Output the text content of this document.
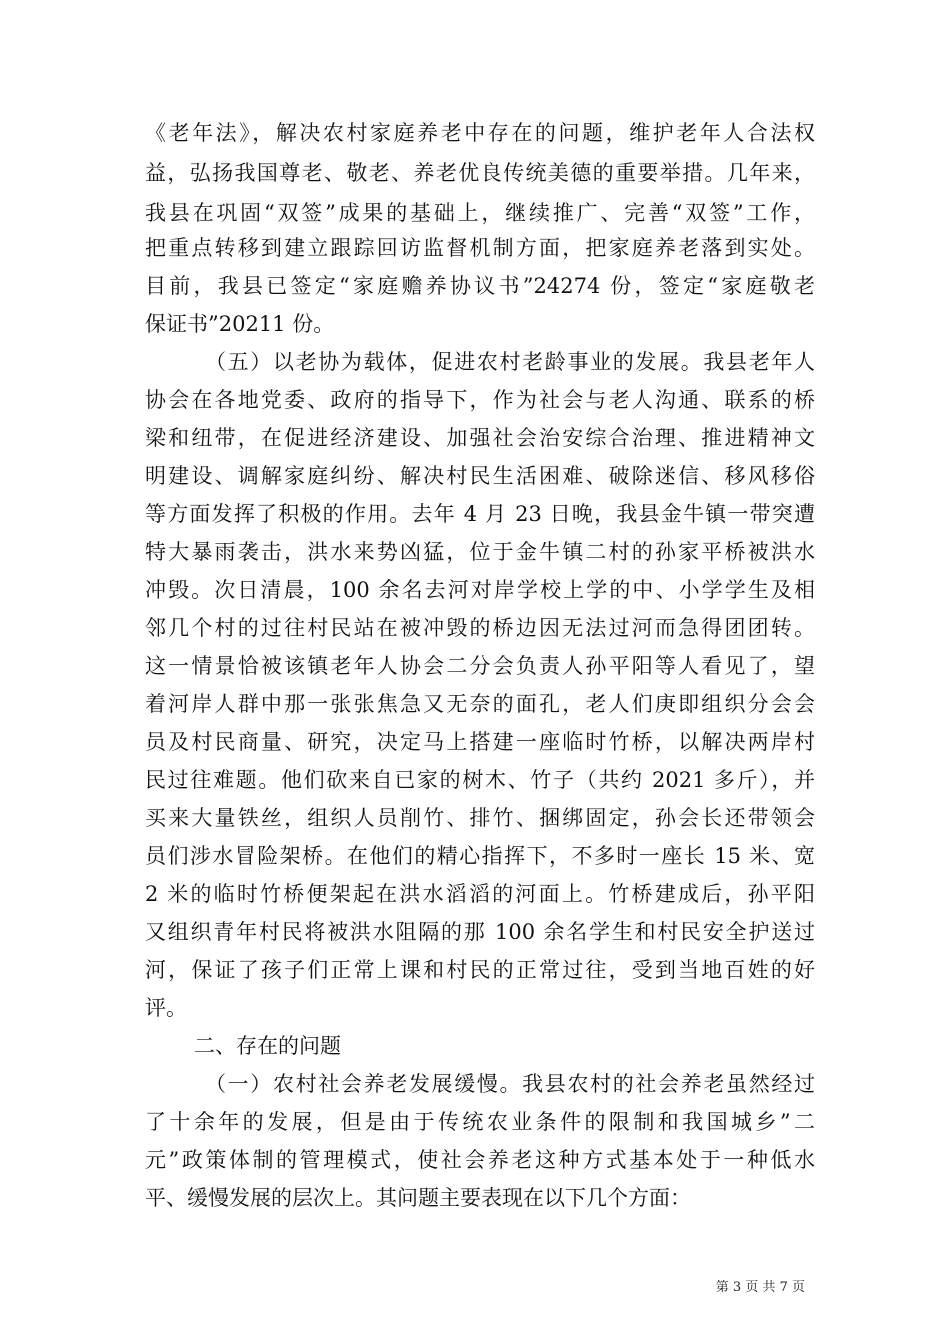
《老年法》，解决农村家庭养老中存在的问题，维护老年人合法权
益，弘扬我国尊老、敬老、养老优良传统美德的重要举措。几年来，
我县在巩固“双签”成果的基础上，继续推广、完善“双签”工作，
把重点转移到建立跟踪回访监督机制方面，把家庭养老落到实处。
目前，我县已签定“家庭赡养协议书”24274 份，签定“家庭敬老
保证书”20211 份。
（五）以老协为载体，促进农村老龄事业的发展。我县老年人
协会在各地党委、政府的指导下，作为社会与老人沟通、联系的桥
梁和纽带，在促进经济建设、加强社会治安综合治理、推进精神文
明建设、调解家庭纠纷、解决村民生活困难、破除迷信、移风移俗
等方面发挥了积极的作用。去年 4 月 23 日晚，我县金牛镇一带突遭
特大暴雨袭击，洪水来势凶猛，位于金牛镇二村的孙家平桥被洪水
冲毁。次日清晨，100 余名去河对岸学校上学的中、小学学生及相
邻几个村的过往村民站在被冲毁的桥边因无法过河而急得团团转。
这一情景恰被该镇老年人协会二分会负责人孙平阳等人看见了，望
着河岸人群中那一张张焦急又无奈的面孔，老人们庚即组织分会会
员及村民商量、研究，决定马上搭建一座临时竹桥，以解决两岸村
民过往难题。他们砍来自已家的树木、竹子（共约 2021 多斤），并
买来大量铁丝，组织人员削竹、排竹、捆绑固定，孙会长还带领会
员们涉水冒险架桥。在他们的精心指挥下，不多时一座长 15 米、宽
2 米的临时竹桥便架起在洪水滔滔的河面上。竹桥建成后，孙平阳
又组织青年村民将被洪水阻隔的那 100 余名学生和村民安全护送过
河，保证了孩子们正常上课和村民的正常过往，受到当地百姓的好
评。
二、存在的问题
（一）农村社会养老发展缓慢。我县农村的社会养老虽然经过
了十余年的发展，但是由于传统农业条件的限制和我国城乡”二
元”政策体制的管理模式，使社会养老这种方式基本处于一种低水
平、缓慢发展的层次上。其问题主要表现在以下几个方面：
第 3 页 共 7 页
